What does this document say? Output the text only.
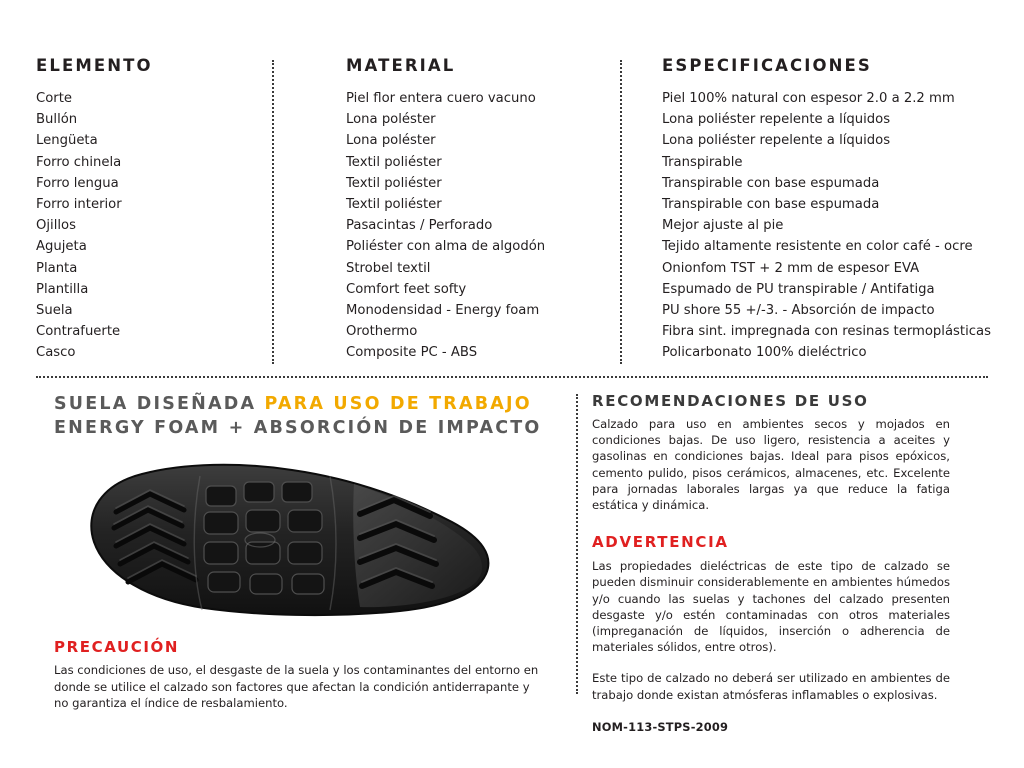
ELEMENTO
Corte
Bullón
Lengüeta
Forro chinela
Forro lengua
Forro interior
Ojillos
Agujeta
Planta
Plantilla
Suela
Contrafuerte
Casco
MATERIAL
Piel flor entera cuero vacuno
Lona poléster
Lona poléster
Textil poliéster
Textil poliéster
Textil poliéster
Pasacintas / Perforado
Poliéster con alma de algodón
Strobel textil
Comfort feet softy
Monodensidad - Energy foam
Orothermo
Composite PC - ABS
ESPECIFICACIONES
Piel 100% natural con espesor 2.0 a 2.2 mm
Lona poliéster repelente a líquidos
Lona poliéster repelente a líquidos
Transpirable
Transpirable con base espumada
Transpirable con base espumada
Mejor ajuste al pie
Tejido altamente resistente en color café - ocre
Onionfom TST + 2 mm de espesor EVA
Espumado de PU transpirable / Antifatiga
PU shore 55 +/-3. - Absorción de impacto
Fibra sint. impregnada con resinas termoplásticas
Policarbonato 100% dieléctrico
SUELA DISEÑADA PARA USO DE TRABAJO
ENERGY FOAM + ABSORCIÓN DE IMPACTO
PRECAUCIÓN
Las condiciones de uso, el desgaste de la suela y los contaminantes del entorno en donde se utilice el calzado son factores que afectan la condición antiderrapante y no garantiza el índice de resbalamiento.
RECOMENDACIONES DE USO
Calzado para uso en ambientes secos y mojados en condiciones bajas. De uso ligero, resistencia a aceites y gasolinas en condiciones bajas. Ideal para pisos epóxicos, cemento pulido, pisos cerámicos, almacenes, etc. Excelente para jornadas laborales largas ya que reduce la fatiga estática y dinámica.
ADVERTENCIA
Las propiedades dieléctricas de este tipo de calzado se pueden disminuir considerablemente en ambientes húmedos y/o cuando las suelas y tachones del calzado presenten desgaste y/o estén contaminadas con otros materiales (impreganación de líquidos, inserción o adherencia de materiales sólidos, entre otros).
Este tipo de calzado no deberá ser utilizado en ambientes de trabajo donde existan atmósferas inflamables o explosivas.
NOM-113-STPS-2009
